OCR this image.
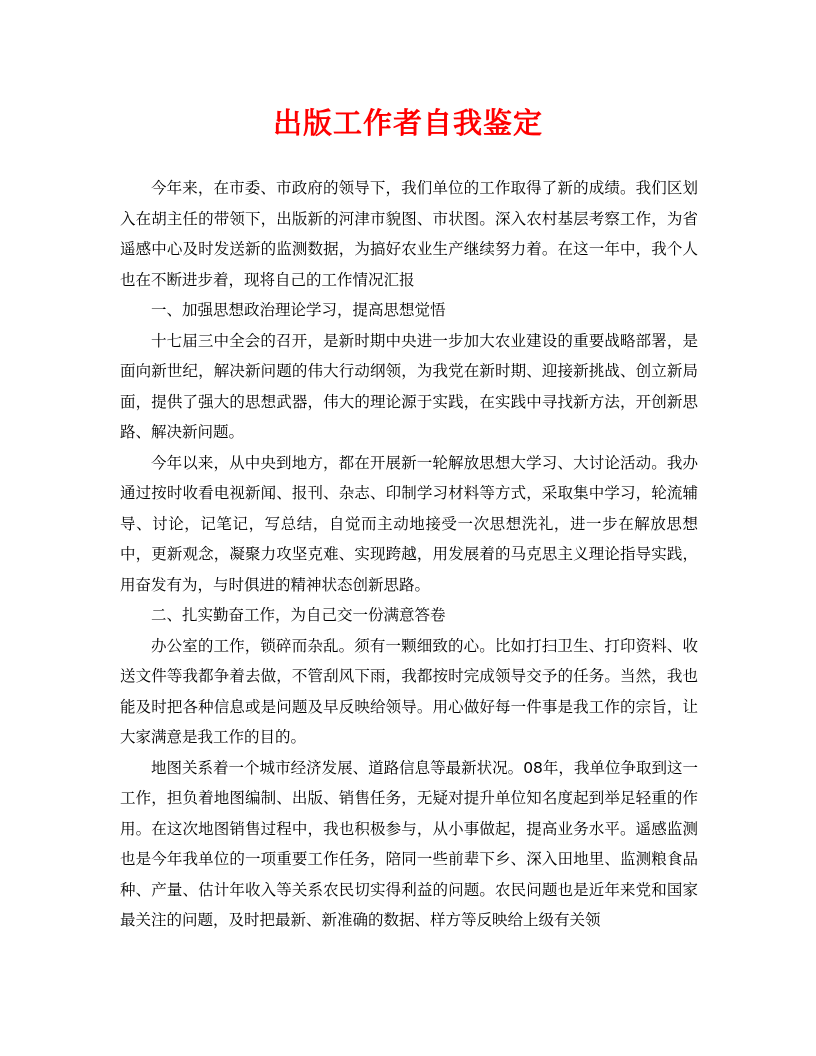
出版工作者自我鉴定

今年来，在市委、市政府的领导下，我们单位的工作取得了新的成绩。我们区划入在胡主任的带领下，出版新的河津市貌图、市状图。深入农村基层考察工作，为省遥感中心及时发送新的监测数据，为搞好农业生产继续努力着。在这一年中，我个人也在不断进步着，现将自己的工作情况汇报

一、加强思想政治理论学习，提高思想觉悟

十七届三中全会的召开，是新时期中央进一步加大农业建设的重要战略部署，是面向新世纪，解决新问题的伟大行动纲领，为我党在新时期、迎接新挑战、创立新局面，提供了强大的思想武器，伟大的理论源于实践，在实践中寻找新方法，开创新思路、解决新问题。

今年以来，从中央到地方，都在开展新一轮解放思想大学习、大讨论活动。我办通过按时收看电视新闻、报刊、杂志、印制学习材料等方式，采取集中学习，轮流辅导、讨论，记笔记，写总结，自觉而主动地接受一次思想洗礼，进一步在解放思想中，更新观念，凝聚力攻坚克难、实现跨越，用发展着的马克思主义理论指导实践，用奋发有为，与时俱进的精神状态创新思路。

二、扎实勤奋工作，为自己交一份满意答卷

办公室的工作，锁碎而杂乱。须有一颗细致的心。比如打扫卫生、打印资料、收送文件等我都争着去做，不管刮风下雨，我都按时完成领导交予的任务。当然，我也能及时把各种信息或是问题及早反映给领导。用心做好每一件事是我工作的宗旨，让大家满意是我工作的目的。

地图关系着一个城市经济发展、道路信息等最新状况。08年，我单位争取到这一工作，担负着地图编制、出版、销售任务，无疑对提升单位知名度起到举足轻重的作用。在这次地图销售过程中，我也积极参与，从小事做起，提高业务水平。遥感监测也是今年我单位的一项重要工作任务，陪同一些前辈下乡、深入田地里、监测粮食品种、产量、估计年收入等关系农民切实得利益的问题。农民问题也是近年来党和国家最关注的问题，及时把最新、新准确的数据、样方等反映给上级有关领
